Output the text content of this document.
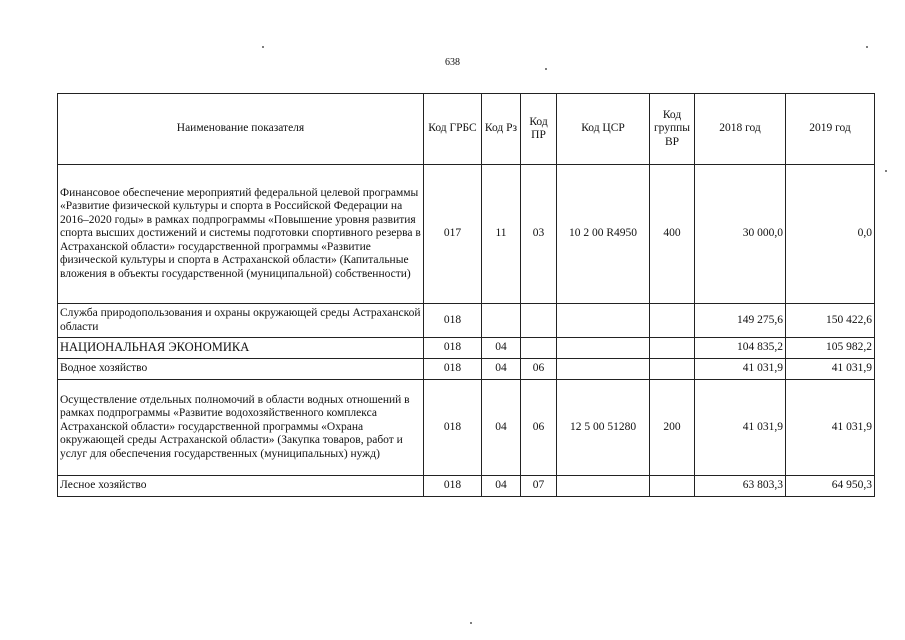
638
Наименование показателя	Код ГРБС	Код Рз	Код ПР	Код ЦСР	Код группы ВР	2018 год	2019 год
Финансовое обеспечение мероприятий федеральной целевой программы «Развитие физической культуры и спорта в Российской Федерации на 2016–2020 годы» в рамках подпрограммы «Повышение уровня развития спорта высших достижений и системы подготовки спортивного резерва в Астраханской области» государственной программы «Развитие физической культуры и спорта в Астраханской области» (Капитальные вложения в объекты государственной (муниципальной) собственности)	017	11	03	10 2 00 R4950	400	30 000,0	0,0
Служба природопользования и охраны окружающей среды Астраханской области	018					149 275,6	150 422,6
НАЦИОНАЛЬНАЯ ЭКОНОМИКА	018	04				104 835,2	105 982,2
Водное хозяйство	018	04	06			41 031,9	41 031,9
Осуществление отдельных полномочий в области водных отношений в рамках подпрограммы «Развитие водохозяйственного комплекса Астраханской области» государственной программы «Охрана окружающей среды Астраханской области» (Закупка товаров, работ и услуг для обеспечения государственных (муниципальных) нужд)	018	04	06	12 5 00 51280	200	41 031,9	41 031,9
Лесное хозяйство	018	04	07			63 803,3	64 950,3
